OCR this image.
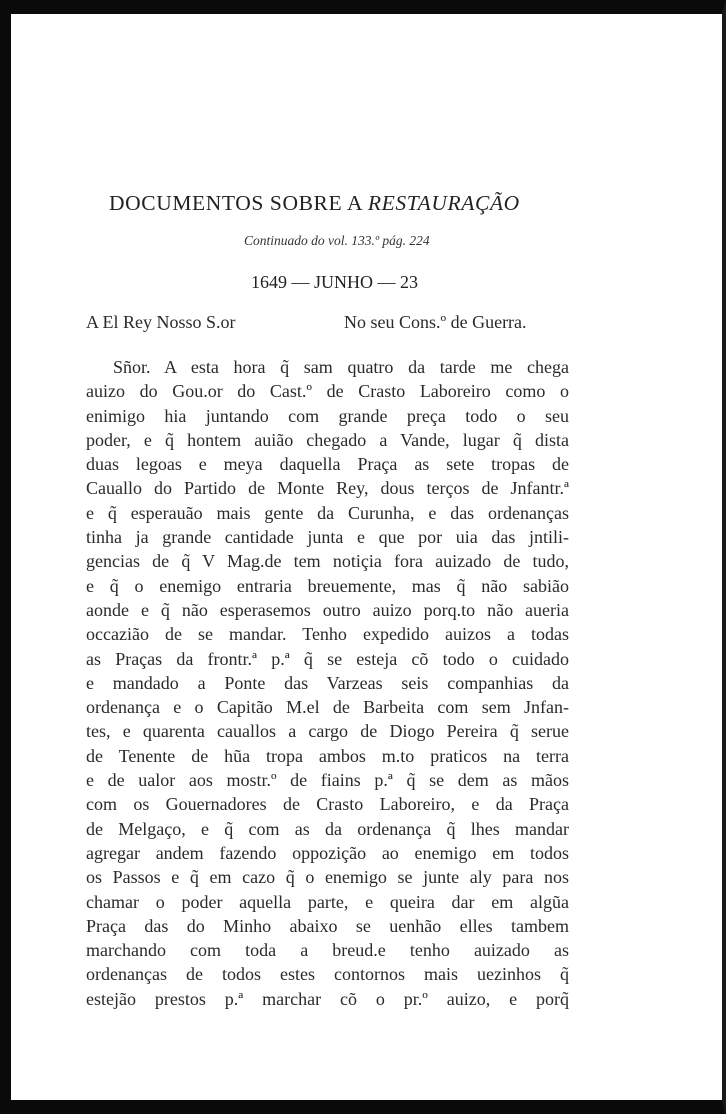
DOCUMENTOS SOBRE A RESTAURAÇÃO
Continuado do vol. 133.º pág. 224
1649 — JUNHO — 23
A El Rey Nosso S.or	No seu Cons.º de Guerra.
Sñor. A esta hora q̃ sam quatro da tarde me chega
auizo do Gou.or do Cast.º de Crasto Laboreiro como o
enimigo hia juntando com grande preça todo o seu
poder, e q̃ hontem auião chegado a Vande, lugar q̃ dista
duas legoas e meya daquella Praça as sete tropas de
Cauallo do Partido de Monte Rey, dous terços de Jnfantr.ª
e q̃ esperauão mais gente da Curunha, e das ordenanças
tinha ja grande cantidade junta e que por uia das jntili-
gencias de q̃ V Mag.de tem notiçia fora auizado de tudo,
e q̃ o enemigo entraria breuemente, mas q̃ não sabião
aonde e q̃ não esperasemos outro auizo porq.to não aueria
occazião de se mandar. Tenho expedido auizos a todas
as Praças da frontr.ª p.ª q̃ se esteja cõ todo o cuidado
e mandado a Ponte das Varzeas seis companhias da
ordenança e o Capitão M.el de Barbeita com sem Jnfan-
tes, e quarenta cauallos a cargo de Diogo Pereira q̃ serue
de Tenente de hũa tropa ambos m.to praticos na terra
e de ualor aos mostr.º de fiains p.ª q̃ se dem as mãos
com os Gouernadores de Crasto Laboreiro, e da Praça
de Melgaço, e q̃ com as da ordenança q̃ lhes mandar
agregar andem fazendo oppozição ao enemigo em todos
os Passos e q̃ em cazo q̃ o enemigo se junte aly para nos
chamar o poder aquella parte, e queira dar em algũa
Praça das do Minho abaixo se uenhão elles tambem
marchando com toda a breud.e tenho auizado as
ordenanças de todos estes contornos mais uezinhos q̃
estejão prestos p.ª marchar cõ o pr.º auizo, e porq̃
